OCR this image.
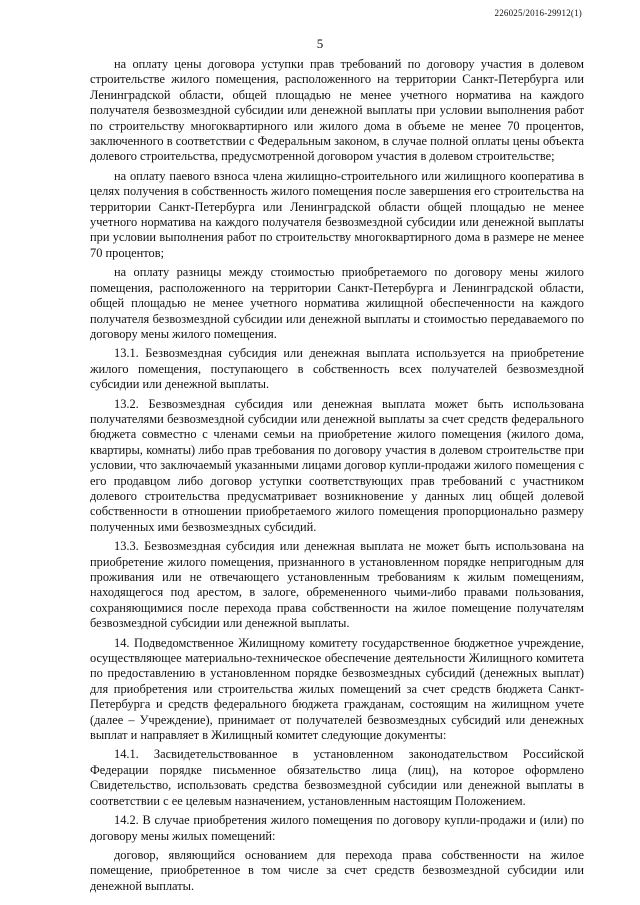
226025/2016-29912(1)
5

на оплату цены договора уступки прав требований по договору участия в долевом строительстве жилого помещения, расположенного на территории Санкт-Петербурга или Ленинградской области, общей площадью не менее учетного норматива на каждого получателя безвозмездной субсидии или денежной выплаты при условии выполнения работ по строительству многоквартирного или жилого дома в объеме не менее 70 процентов, заключенного в соответствии с Федеральным законом, в случае полной оплаты цены объекта долевого строительства, предусмотренной договором участия в долевом строительстве;

на оплату паевого взноса члена жилищно-строительного или жилищного кооператива в целях получения в собственность жилого помещения после завершения его строительства на территории Санкт-Петербурга или Ленинградской области общей площадью не менее учетного норматива на каждого получателя безвозмездной субсидии или денежной выплаты при условии выполнения работ по строительству многоквартирного дома в размере не менее 70 процентов;

на оплату разницы между стоимостью приобретаемого по договору мены жилого помещения, расположенного на территории Санкт-Петербурга и Ленинградской области, общей площадью не менее учетного норматива жилищной обеспеченности на каждого получателя безвозмездной субсидии или денежной выплаты и стоимостью передаваемого по договору мены жилого помещения.

13.1. Безвозмездная субсидия или денежная выплата используется на приобретение жилого помещения, поступающего в собственность всех получателей безвозмездной субсидии или денежной выплаты.

13.2. Безвозмездная субсидия или денежная выплата может быть использована получателями безвозмездной субсидии или денежной выплаты за счет средств федерального бюджета совместно с членами семьи на приобретение жилого помещения (жилого дома, квартиры, комнаты) либо прав требования по договору участия в долевом строительстве при условии, что заключаемый указанными лицами договор купли-продажи жилого помещения с его продавцом либо договор уступки соответствующих прав требований с участником долевого строительства предусматривает возникновение у данных лиц общей долевой собственности в отношении приобретаемого жилого помещения пропорционально размеру полученных ими безвозмездных субсидий.

13.3. Безвозмездная субсидия или денежная выплата не может быть использована на приобретение жилого помещения, признанного в установленном порядке непригодным для проживания или не отвечающего установленным требованиям к жилым помещениям, находящегося под арестом, в залоге, обремененного чьими-либо правами пользования, сохраняющимися после перехода права собственности на жилое помещение получателям безвозмездной субсидии или денежной выплаты.

14. Подведомственное Жилищному комитету государственное бюджетное учреждение, осуществляющее материально-техническое обеспечение деятельности Жилищного комитета по предоставлению в установленном порядке безвозмездных субсидий (денежных выплат) для приобретения или строительства жилых помещений за счет средств бюджета Санкт-Петербурга и средств федерального бюджета гражданам, состоящим на жилищном учете (далее – Учреждение), принимает от получателей безвозмездных субсидий или денежных выплат и направляет в Жилищный комитет следующие документы:

14.1. Засвидетельствованное в установленном законодательством Российской Федерации порядке письменное обязательство лица (лиц), на которое оформлено Свидетельство, использовать средства безвозмездной субсидии или денежной выплаты в соответствии с ее целевым назначением, установленным настоящим Положением.

14.2. В случае приобретения жилого помещения по договору купли-продажи и (или) по договору мены жилых помещений:

договор, являющийся основанием для перехода права собственности на жилое помещение, приобретенное в том числе за счет средств безвозмездной субсидии или денежной выплаты.
